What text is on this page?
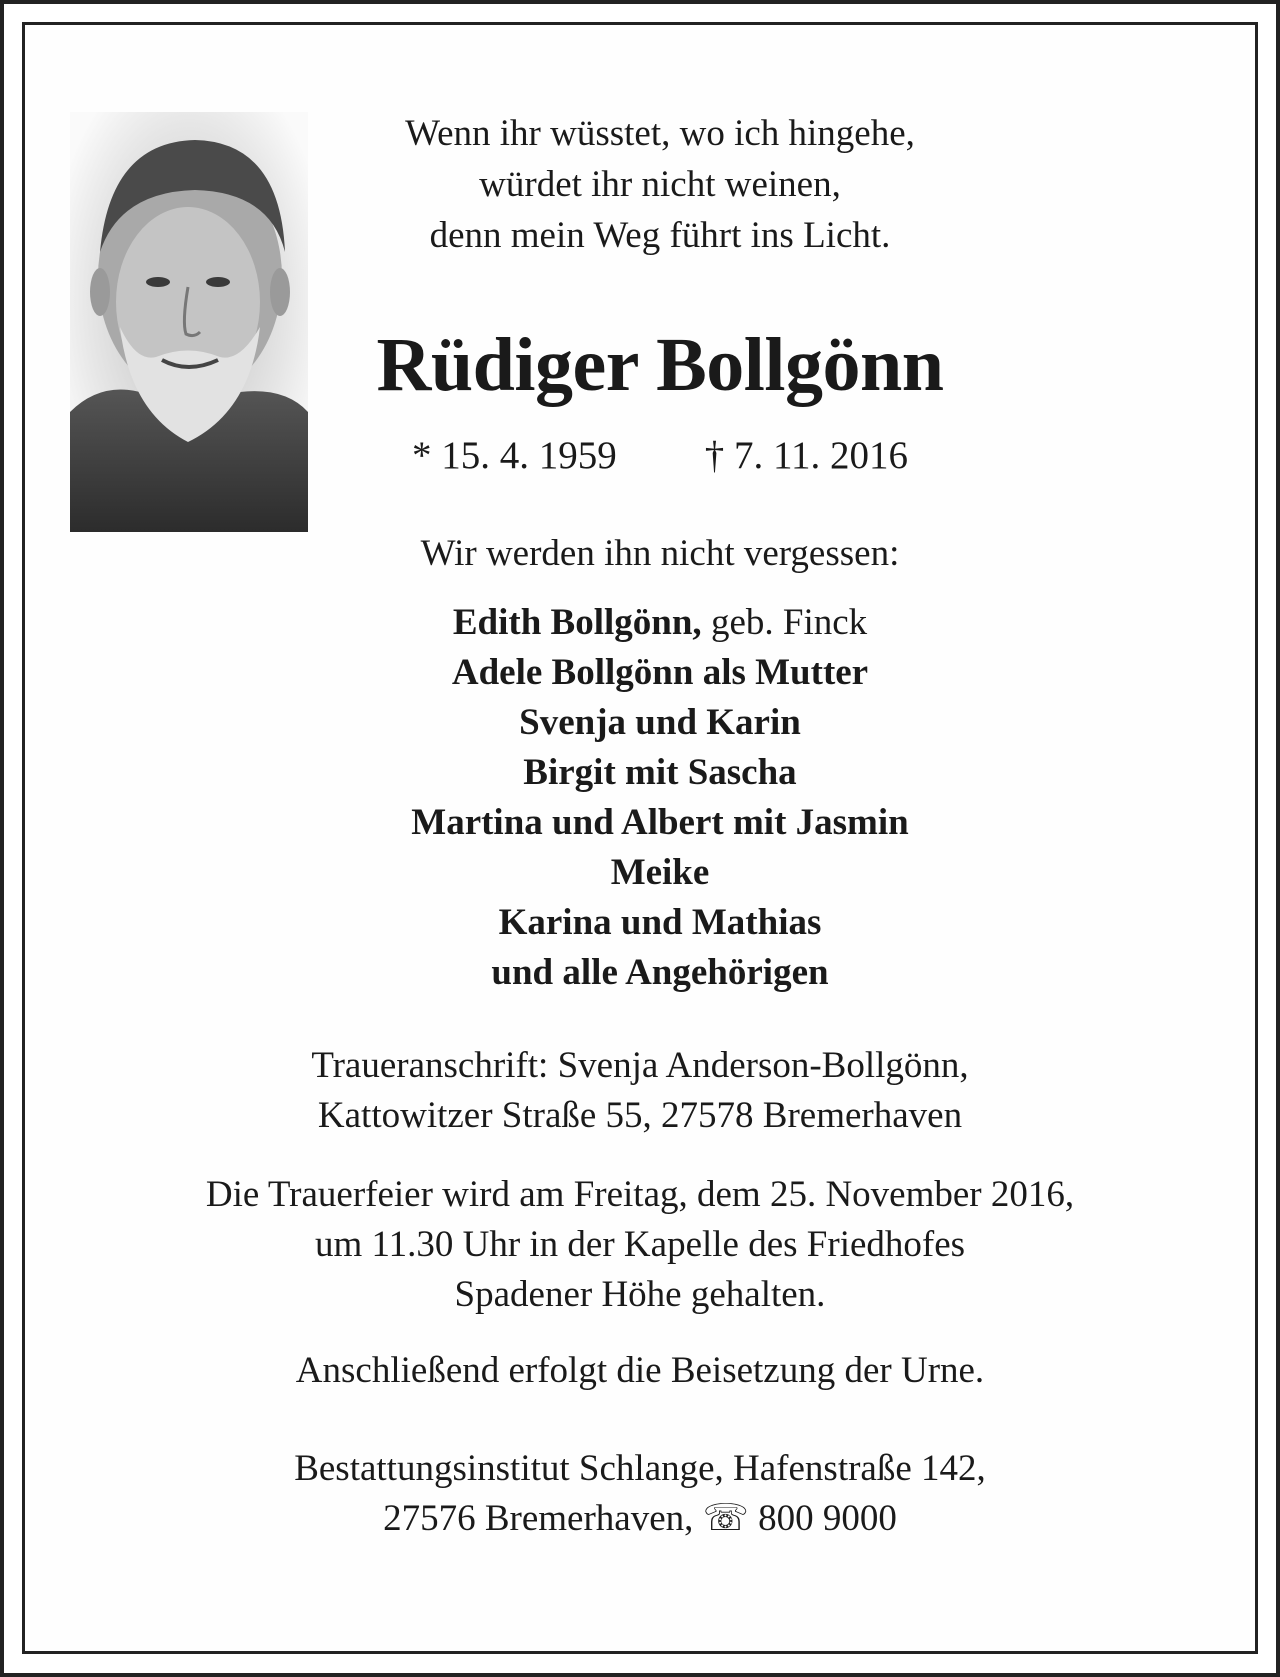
Wenn ihr wüsstet, wo ich hingehe,
würdet ihr nicht weinen,
denn mein Weg führt ins Licht.
Rüdiger Bollgönn
* 15. 4. 1959 † 7. 11. 2016
Wir werden ihn nicht vergessen:
Edith Bollgönn, geb. Finck
Adele Bollgönn als Mutter
Svenja und Karin
Birgit mit Sascha
Martina und Albert mit Jasmin
Meike
Karina und Mathias
und alle Angehörigen
Traueranschrift: Svenja Anderson-Bollgönn,
Kattowitzer Straße 55, 27578 Bremerhaven
Die Trauerfeier wird am Freitag, dem 25. November 2016,
um 11.30 Uhr in der Kapelle des Friedhofes
Spadener Höhe gehalten.
Anschließend erfolgt die Beisetzung der Urne.
Bestattungsinstitut Schlange, Hafenstraße 142,
27576 Bremerhaven, ☏ 800 9000
